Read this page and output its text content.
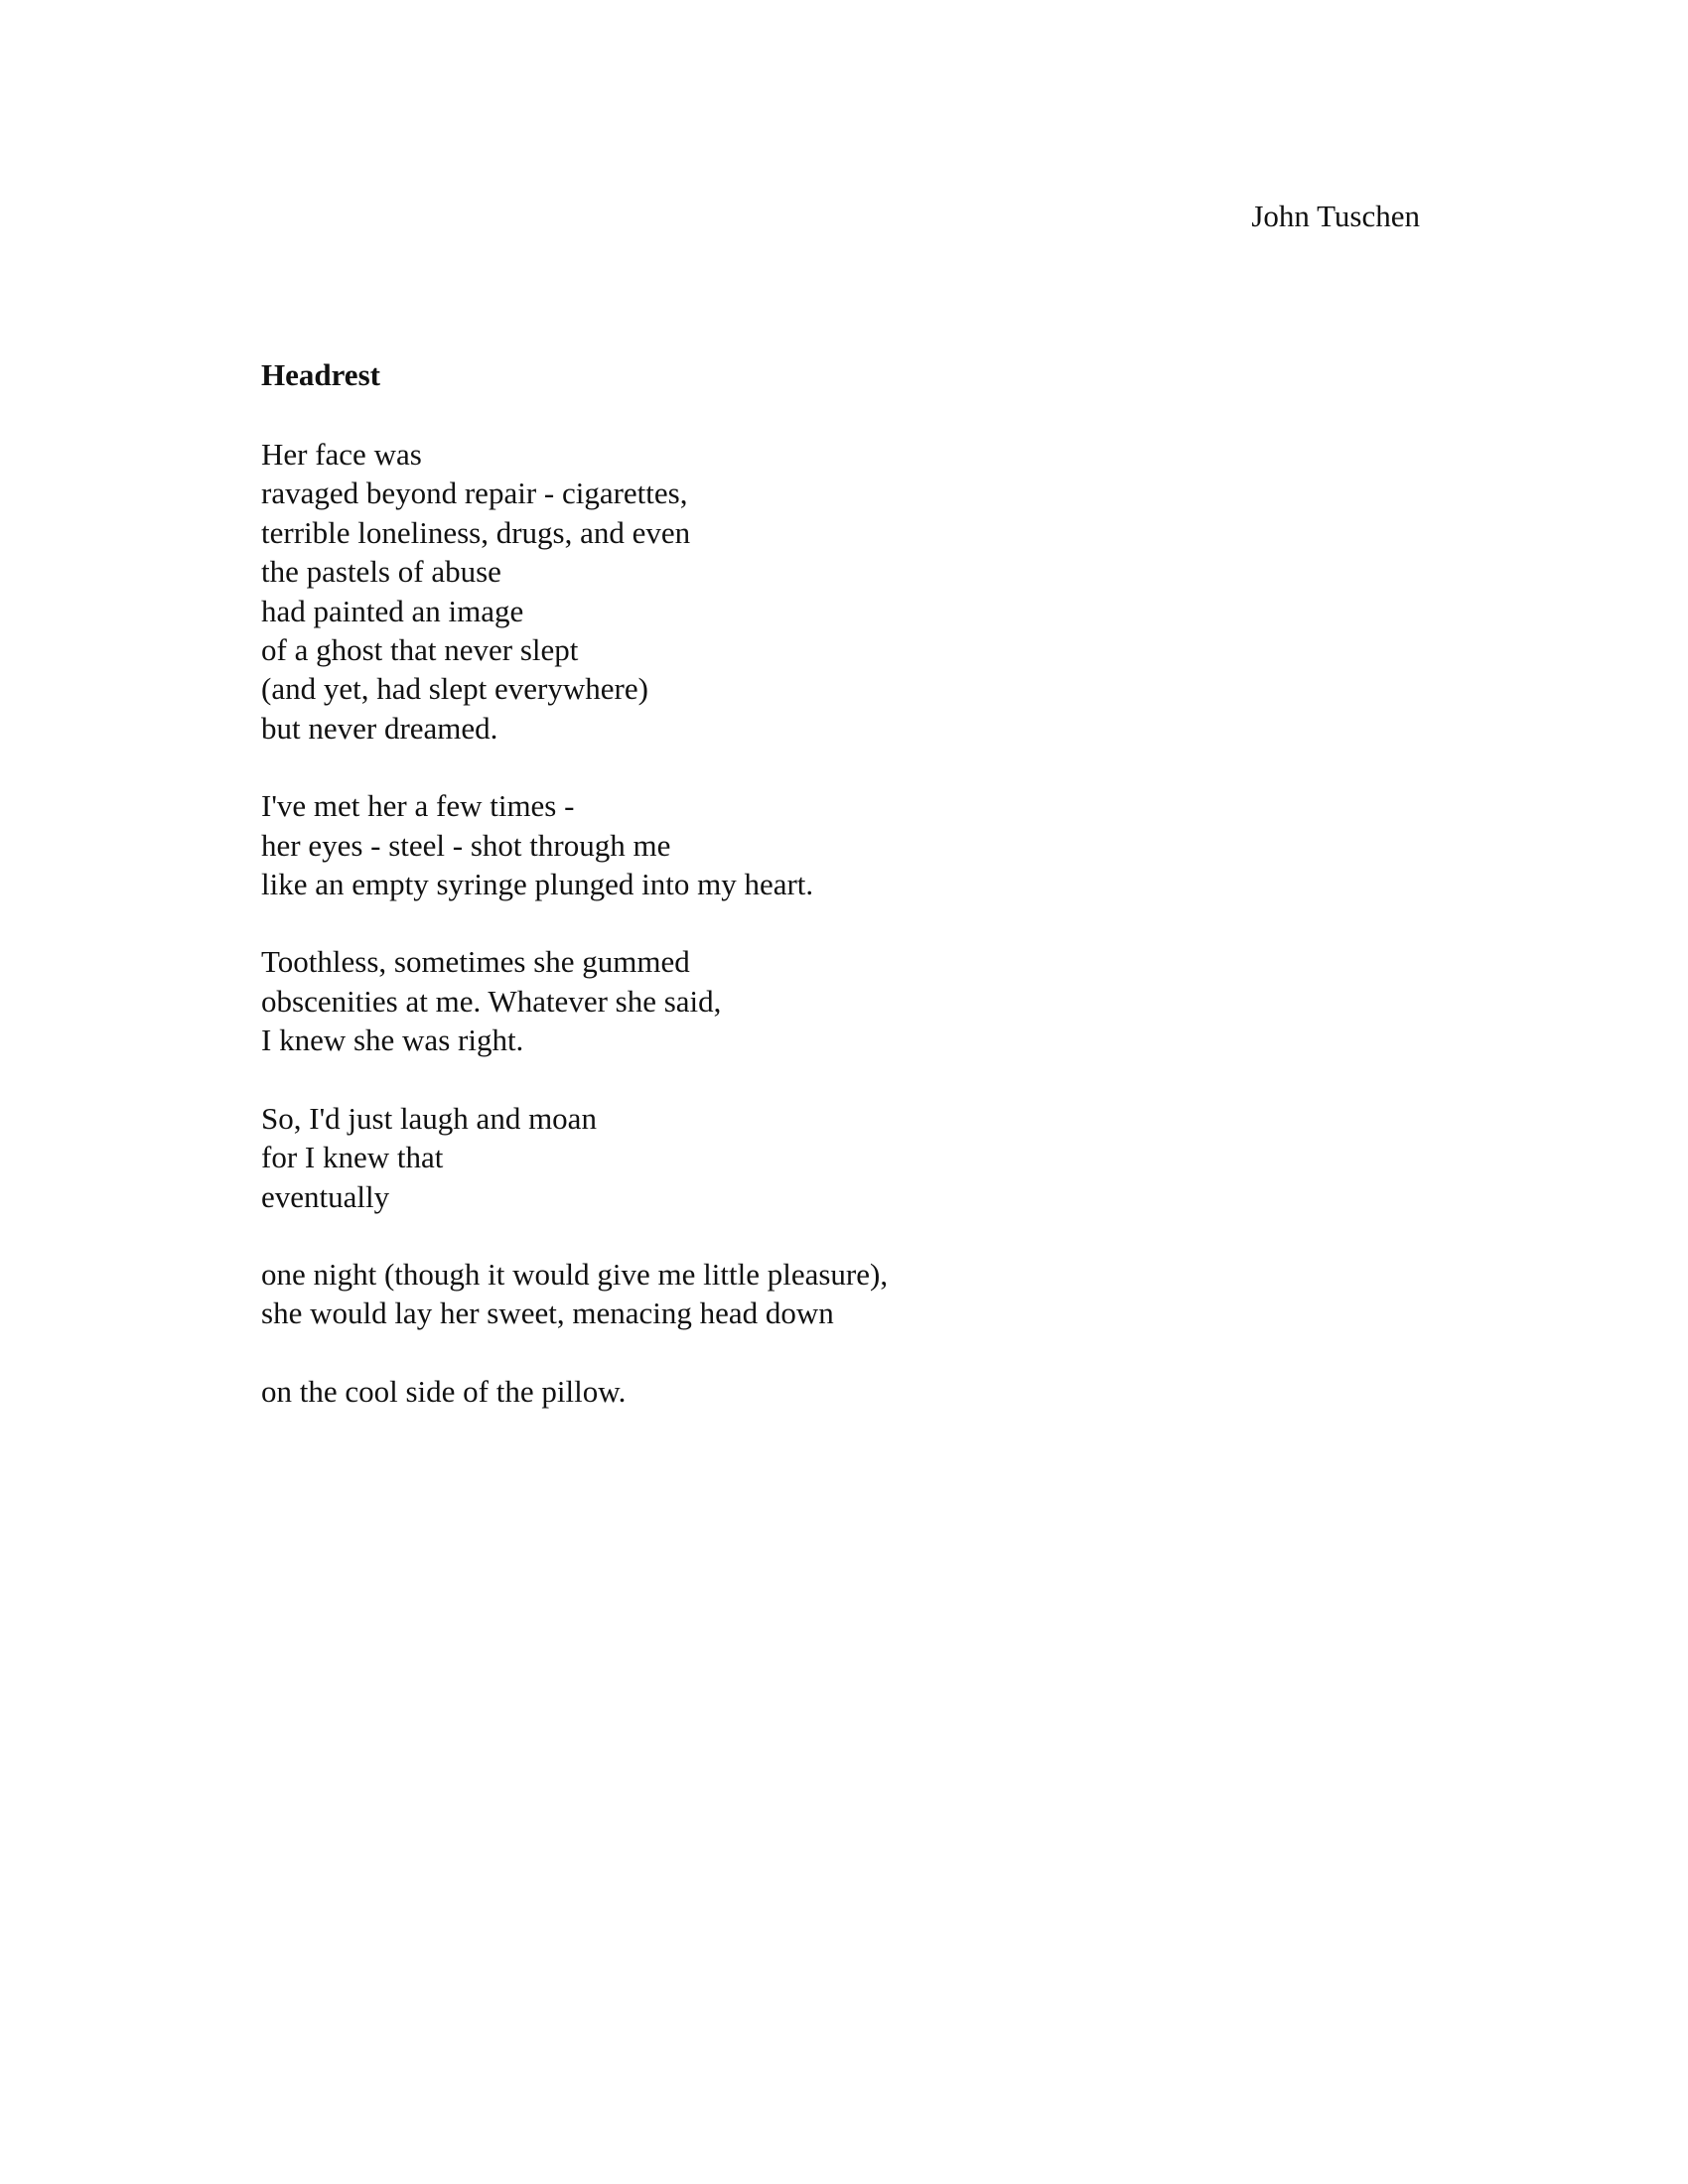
John Tuschen
Headrest
Her face was
ravaged beyond repair - cigarettes,
terrible loneliness, drugs, and even
the pastels of abuse
had painted an image
of a ghost that never slept
(and yet, had slept everywhere)
but never dreamed.
I've met her a few times -
her eyes - steel - shot through me
like an empty syringe plunged into my heart.
Toothless, sometimes she gummed
obscenities at me. Whatever she said,
I knew she was right.
So, I'd just laugh and moan
for I knew that
eventually
one night (though it would give me little pleasure),
she would lay her sweet, menacing head down
on the cool side of the pillow.
